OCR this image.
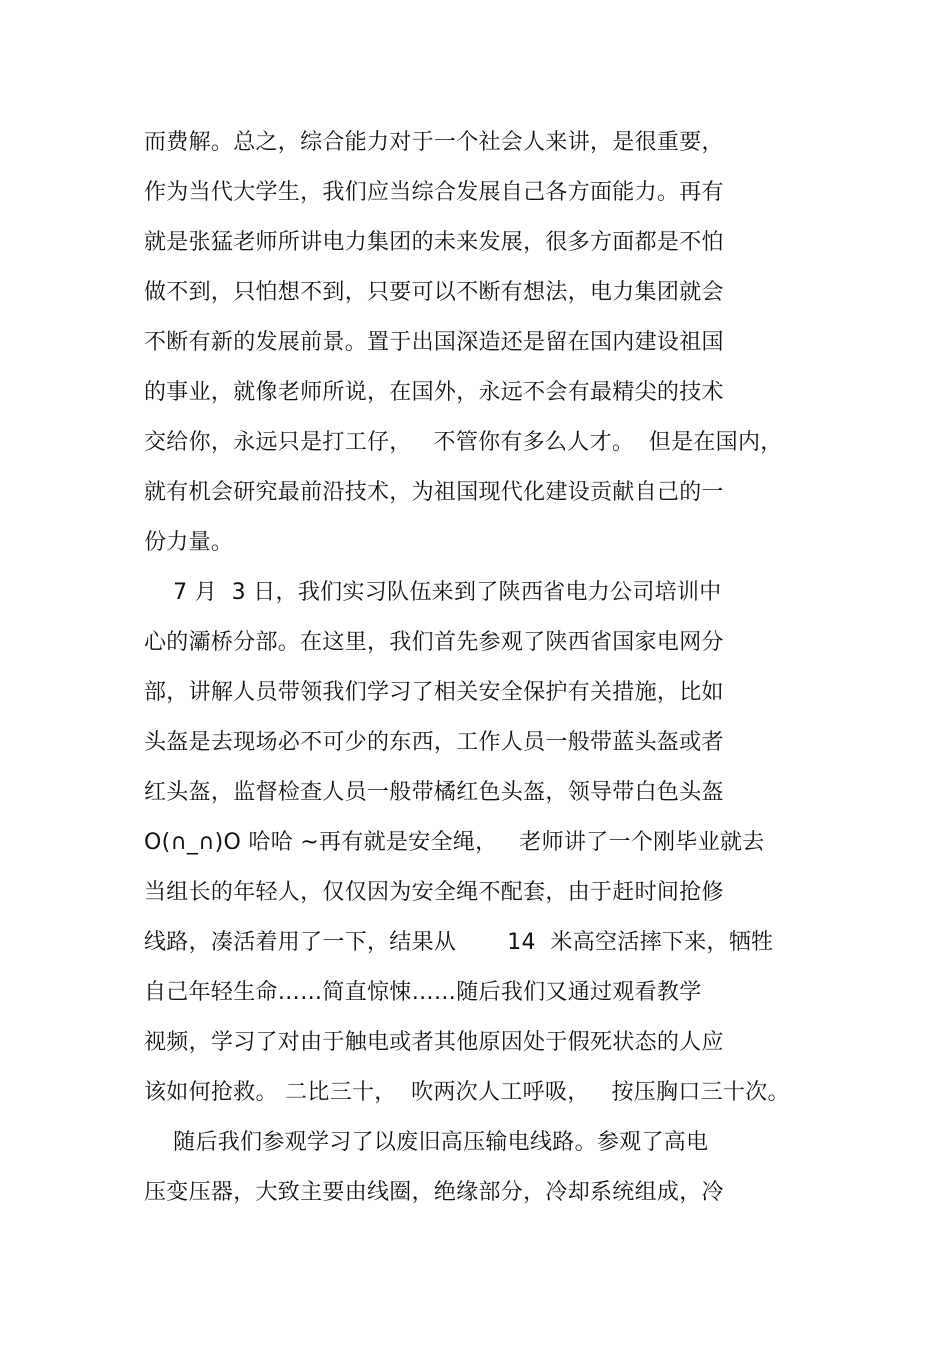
而费解。总之，综合能力对于一个社会人来讲，是很重要，
作为当代大学生，我们应当综合发展自己各方面能力。再有
就是张猛老师所讲电力集团的未来发展，很多方面都是不怕
做不到，只怕想不到，只要可以不断有想法，电力集团就会
不断有新的发展前景。置于出国深造还是留在国内建设祖国
的事业，就像老师所说，在国外，永远不会有最精尖的技术
交给你，永远只是打工仔，   不管你有多么人才。  但是在国内，
就有机会研究最前沿技术，为祖国现代化建设贡献自己的一
份力量。
7 月  3 日，我们实习队伍来到了陕西省电力公司培训中
心的灞桥分部。在这里，我们首先参观了陕西省国家电网分
部，讲解人员带领我们学习了相关安全保护有关措施，比如
头盔是去现场必不可少的东西，工作人员一般带蓝头盔或者
红头盔，监督检查人员一般带橘红色头盔，领导带白色头盔
O(∩_∩)O 哈哈 ~再有就是安全绳，   老师讲了一个刚毕业就去
当组长的年轻人，仅仅因为安全绳不配套，由于赶时间抢修
线路，凑活着用了一下，结果从       14  米高空活摔下来，牺牲
自己年轻生命……简直惊悚……随后我们又通过观看教学
视频，学习了对由于触电或者其他原因处于假死状态的人应
该如何抢救。 二比三十，  吹两次人工呼吸，   按压胸口三十次。
随后我们参观学习了以废旧高压输电线路。参观了高电
压变压器，大致主要由线圈，绝缘部分，冷却系统组成，冷
